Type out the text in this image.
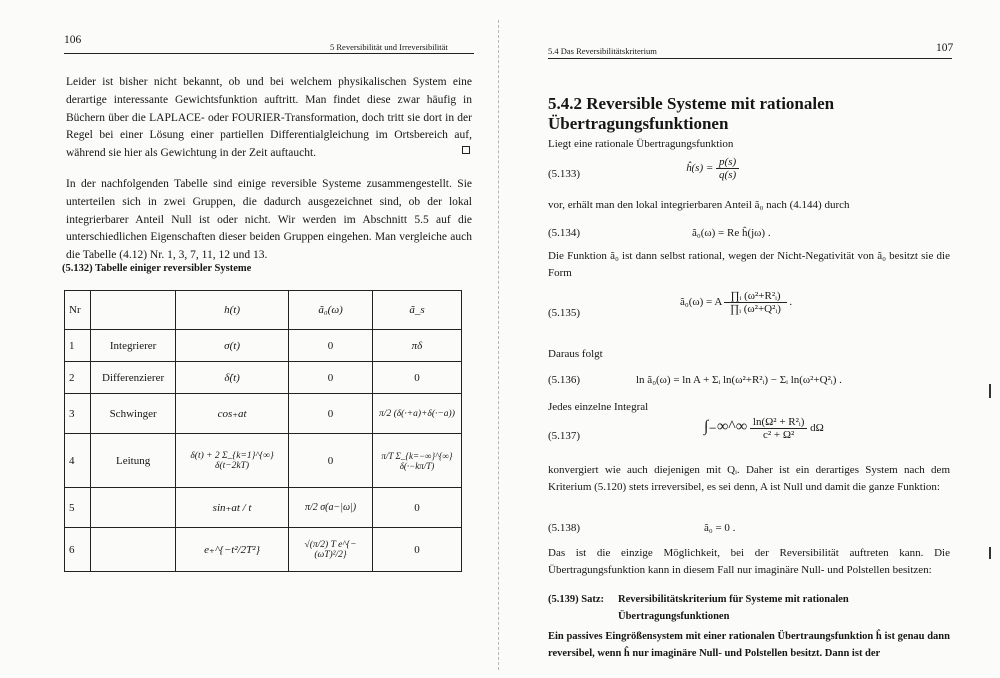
106
5 Reversibilität und Irreversibilität

Leider ist bisher nicht bekannt, ob und bei welchem physikalischen System eine derartige interessante Gewichtsfunktion auftritt. Man findet diese zwar häufig in Büchern über die LAPLACE- oder FOURIER-Transformation, doch tritt sie dort in der Regel bei einer Lösung einer partiellen Differentialgleichung im Ortsbereich auf, während sie hier als Gewichtung in der Zeit auftaucht.

In der nachfolgenden Tabelle sind einige reversible Systeme zusammengestellt. Sie unterteilen sich in zwei Gruppen, die dadurch ausgezeichnet sind, ob der lokal integrierbarer Anteil Null ist oder nicht. Wir werden im Abschnitt 5.5 auf die unterschiedlichen Eigenschaften dieser beiden Gruppen eingehen. Man vergleiche auch die Tabelle (4.12) Nr. 1, 3, 7, 11, 12 und 13.

(5.132) Tabelle einiger reversibler Systeme
Nr		h(t)	ã₀(ω)	ã_s
1	Integrierer	σ(t)	0	πδ
2	Differenzierer	δ̇(t)	0	0
3	Schwinger	cos₊at	0	π/2 (δ(·+a)+δ(·−a))
4	Leitung	δ(t) + 2 Σ_{k=1}^{∞} δ(t−2kT)	0	π/T Σ_{k=−∞}^{∞} δ(·−kπ/T)
5		sin₊at / t	π/2 σ(a−|ω|)	0
6		e₊^{−t²/2T²}	√(π/2) T e^{−(ωT)²/2}	0
5.4 Das Reversibilitätskriterium	107
5.4.2 Reversible Systeme mit rationalen Übertragungsfunktionen
Liegt eine rationale Übertragungsfunktion
(5.133)	ĥ(s) = $\frac{p(s)}{q(s)}$
vor, erhält man den lokal integrierbaren Anteil ã₀ nach (4.144) durch
(5.134)	ã₀(ω) = Re ĥ(jω) .
Die Funktion ã₀ ist dann selbst rational, wegen der Nicht-Negativität von ã₀ besitzt sie die Form
(5.135)
ã₀(ω) = A $\frac{\text{∏ᵢ (ω²+R²ᵢ)}}{\text{∏ᵢ (ω²+Q²ᵢ)}}$ .
Daraus folgt
(5.136)	ln ã₀(ω) = ln A + Σᵢ ln(ω²+R²ᵢ) − Σᵢ ln(ω²+Q²ᵢ) .
Jedes einzelne Integral
(5.137)
∫₋∞^∞ $\frac{\text{ln(Ω² + R²ᵢ)}}{\text{c² + Ω²}}$ dΩ
konvergiert wie auch diejenigen mit Qᵢ. Daher ist ein derartiges System nach dem Kriterium (5.120) stets irreversibel, es sei denn, A ist Null und damit die ganze Funktion:
(5.138)	ã₀ = 0 .
Das ist die einzige Möglichkeit, bei der Reversibilität auftreten kann. Die Übertragungsfunktion kann in diesem Fall nur imaginäre Null- und Polstellen besitzen:
(5.139) Satz: Reversibilitätskriterium für Systeme mit rationalen
Übertragungsfunktionen
Ein passives Eingrößensystem mit einer rationalen Übertraungsfunktion ĥ ist genau dann reversibel, wenn ĥ nur imaginäre Null- und Polstellen besitzt. Dann ist der
